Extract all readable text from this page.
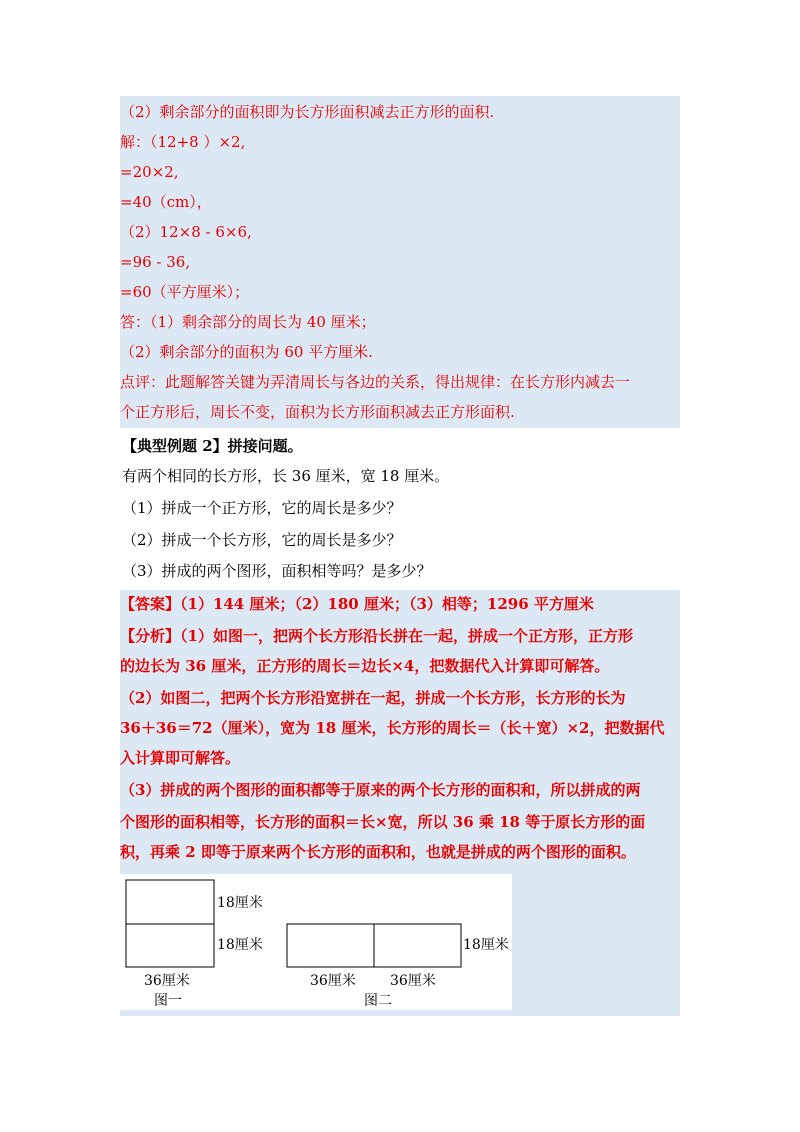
（2）剩余部分的面积即为长方形面积减去正方形的面积.
解：（12+8 ）×2,
=20×2,
=40（cm），
（2）12×8 - 6×6,
=96 - 36,
=60（平方厘米）；
答：（1）剩余部分的周长为 40 厘米；
（2）剩余部分的面积为 60 平方厘米.
点评：此题解答关键为弄清周长与各边的关系，得出规律：在长方形内减去一
个正方形后，周长不变，面积为长方形面积减去正方形面积.
【典型例题 2】拼接问题。
有两个相同的长方形，长 36 厘米，宽 18 厘米。
（1）拼成一个正方形，它的周长是多少？
（2）拼成一个长方形，它的周长是多少？
（3）拼成的两个图形，面积相等吗？是多少？
【答案】（1）144 厘米；（2）180 厘米；（3）相等；1296 平方厘米
【分析】（1）如图一，把两个长方形沿长拼在一起，拼成一个正方形，正方形
的边长为 36 厘米，正方形的周长＝边长×4，把数据代入计算即可解答。
（2）如图二，把两个长方形沿宽拼在一起，拼成一个长方形，长方形的长为
36＋36＝72（厘米），宽为 18 厘米，长方形的周长＝（长＋宽）×2，把数据代
入计算即可解答。
（3）拼成的两个图形的面积都等于原来的两个长方形的面积和，所以拼成的两
个图形的面积相等，长方形的面积＝长×宽，所以 36 乘 18 等于原长方形的面
积，再乘 2 即等于原来两个长方形的面积和，也就是拼成的两个图形的面积。
18厘米
18厘米
36厘米
图一
18厘米
36厘米 36厘米
图二
